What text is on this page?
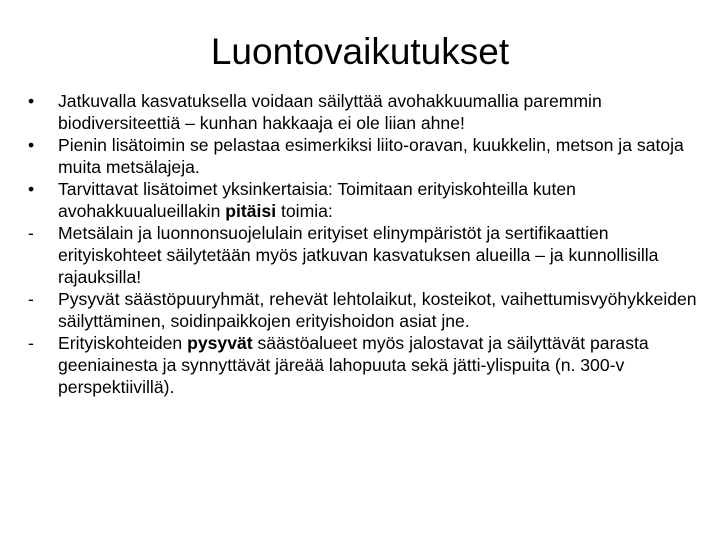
Luontovaikutukset
•	Jatkuvalla kasvatuksella voidaan säilyttää avohakkuumallia paremmin biodiversiteettiä – kunhan hakkaaja ei ole liian ahne!
•	Pienin lisätoimin se pelastaa esimerkiksi liito-oravan, kuukkelin, metson ja satoja muita metsälajeja.
•	Tarvittavat lisätoimet yksinkertaisia: Toimitaan erityiskohteilla kuten avohakkuualueillakin pitäisi toimia:
-	Metsälain ja luonnonsuojelulain erityiset elinympäristöt ja sertifikaattien erityiskohteet säilytetään myös jatkuvan kasvatuksen alueilla – ja kunnollisilla rajauksilla!
-	Pysyvät säästöpuuryhmät, rehevät lehtolaikut, kosteikot, vaihettumisvyöhykkeiden säilyttäminen, soidinpaikkojen erityishoidon asiat jne.
-	Erityiskohteiden pysyvät säästöalueet myös jalostavat ja säilyttävät parasta geeniainesta ja synnyttävät järeää lahopuuta sekä jätti-ylispuita (n. 300-v perspektiivillä).
